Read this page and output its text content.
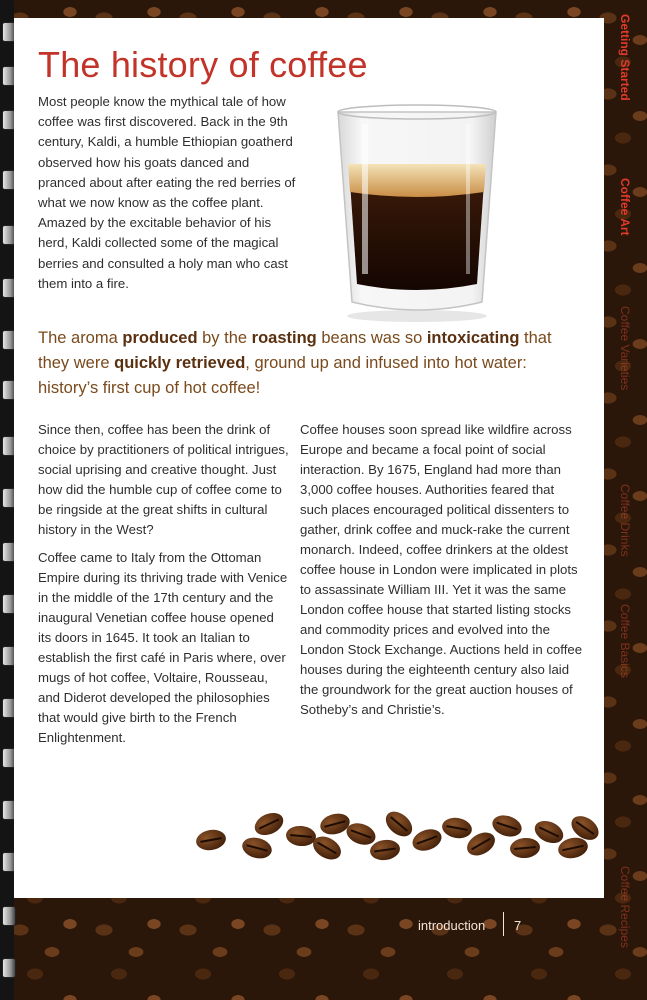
The history of coffee

Most people know the mythical tale of how coffee was first discovered. Back in the 9th century, Kaldi, a humble Ethiopian goatherd observed how his goats danced and pranced about after eating the red berries of what we now know as the coffee plant. Amazed by the excitable behavior of his herd, Kaldi collected some of the magical berries and consulted a holy man who cast them into a fire.

The aroma produced by the roasting beans was so intoxicating that they were quickly retrieved, ground up and infused into hot water: history’s first cup of hot coffee!

Since then, coffee has been the drink of choice by practitioners of political intrigues, social uprising and creative thought. Just how did the humble cup of coffee come to be ringside at the great shifts in cultural history in the West?

Coffee came to Italy from the Ottoman Empire during its thriving trade with Venice in the middle of the 17th century and the inaugural Venetian coffee house opened its doors in 1645. It took an Italian to establish the first café in Paris where, over mugs of hot coffee, Voltaire, Rousseau, and Diderot developed the philosophies that would give birth to the French Enlightenment.

Coffee houses soon spread like wildfire across Europe and became a focal point of social interaction. By 1675, England had more than 3,000 coffee houses. Authorities feared that such places encouraged political dissenters to gather, drink coffee and muck-rake the current monarch. Indeed, coffee drinkers at the oldest coffee house in London were implicated in plots to assassinate William III. Yet it was the same London coffee house that started listing stocks and commodity prices and evolved into the London Stock Exchange. Auctions held in coffee houses during the eighteenth century also laid the groundwork for the great auction houses of Sotheby’s and Christie’s.

introduction 7
Getting Started
Coffee Art
Coffee Varieties
Coffee Drinks
Coffee Basics
Coffee Recipes
